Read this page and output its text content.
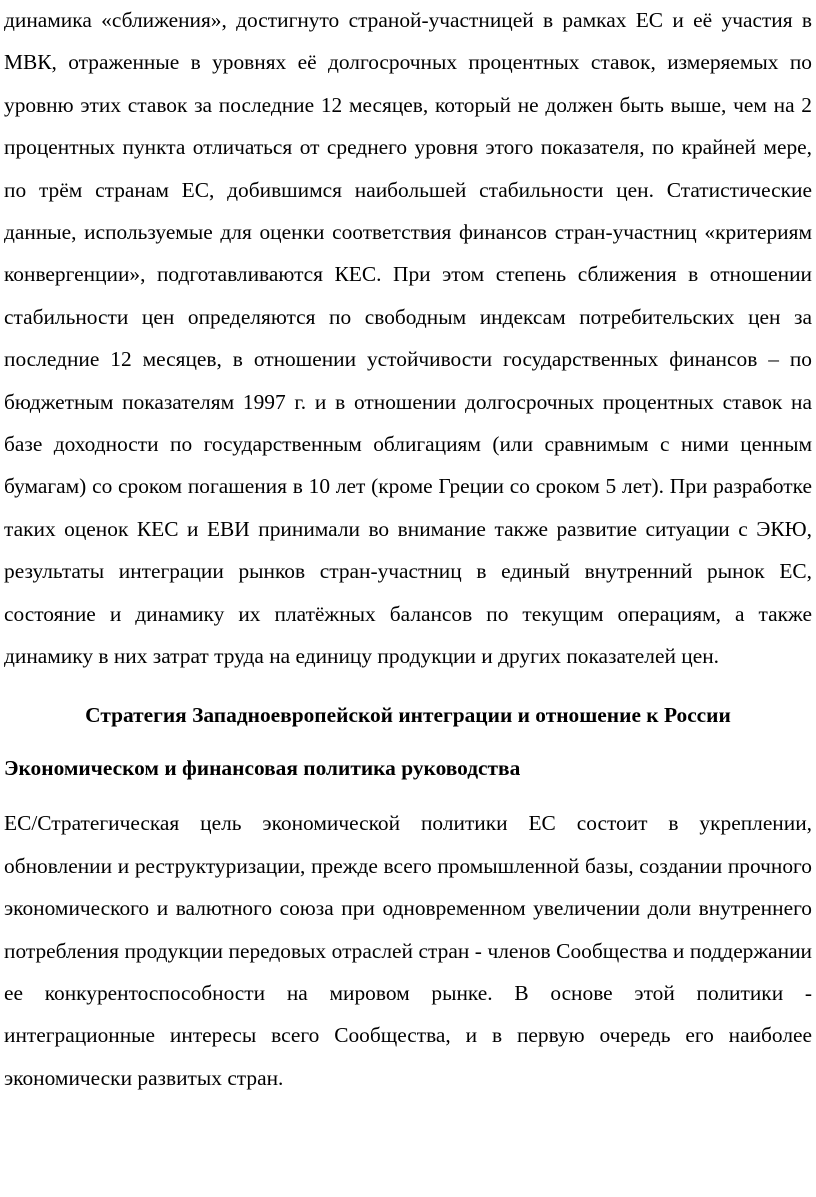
динамика «сближения», достигнуто страной-участницей в рамках ЕС и её участия в МВК, отраженные в уровнях её долгосрочных процентных ставок, измеряемых по уровню этих ставок за последние 12 месяцев, который не должен быть выше, чем на 2 процентных пункта отличаться от среднего уровня этого показателя, по крайней мере, по трём странам ЕС, добившимся наибольшей стабильности цен. Статистические данные, используемые для оценки соответствия финансов стран-участниц «критериям конвергенции», подготавливаются КЕС. При этом степень сближения в отношении стабильности цен определяются по свободным индексам потребительских цен за последние 12 месяцев, в отношении устойчивости государственных финансов – по бюджетным показателям 1997 г. и в отношении долгосрочных процентных ставок на базе доходности по государственным облигациям (или сравнимым с ними ценным бумагам) со сроком погашения в 10 лет (кроме Греции со сроком 5 лет). При разработке таких оценок КЕС и ЕВИ принимали во внимание также развитие ситуации с ЭКЮ, результаты интеграции рынков стран-участниц в единый внутренний рынок ЕС, состояние и динамику их платёжных балансов по текущим операциям, а также динамику в них затрат труда на единицу продукции и других показателей цен.

Стратегия Западноевропейской интеграции и отношение к России

Экономическом и финансовая политика руководства

ЕС/Стратегическая цель экономической политики ЕС состоит в укреплении, обновлении и реструктуризации, прежде всего промышленной базы, создании прочного экономического и валютного союза при одновременном увеличении доли внутреннего потребления продукции передовых отраслей стран - членов Сообщества и поддержании ее конкурентоспособности на мировом рынке. В основе этой политики - интеграционные интересы всего Сообщества, и в первую очередь его наиболее экономически развитых стран.
